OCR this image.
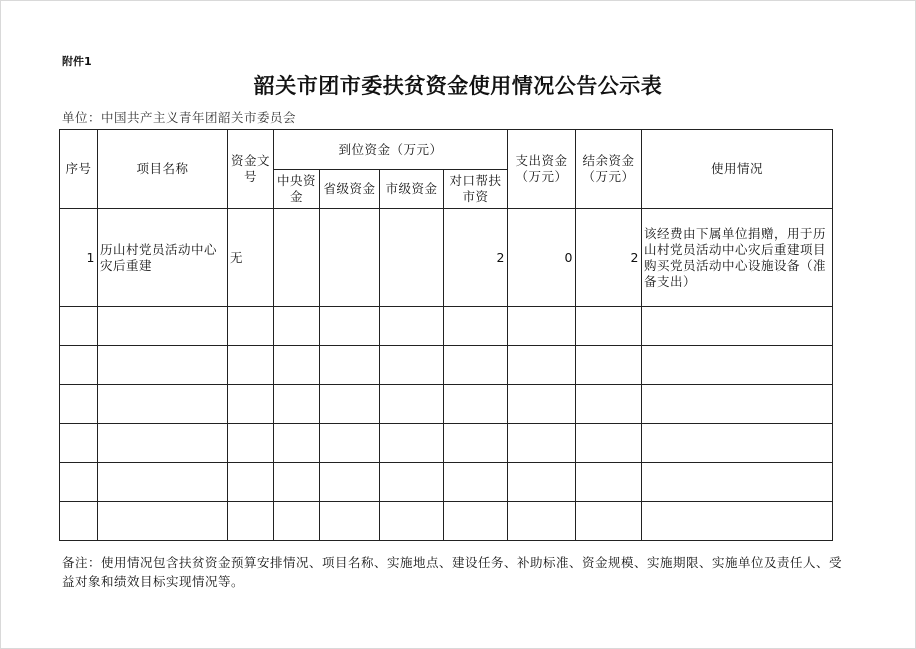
附件1
韶关市团市委扶贫资金使用情况公告公示表
单位：中国共产主义青年团韶关市委员会
序号	项目名称	资金文号	到位资金（万元）				支出资金（万元）	结余资金（万元）	使用情况
			中央资金	省级资金	市级资金	对口帮扶市资			
1	历山村党员活动中心灾后重建	无				2	0	2	该经费由下属单位捐赠，用于历山村党员活动中心灾后重建项目购买党员活动中心设施设备（准备支出）

备注：使用情况包含扶贫资金预算安排情况、项目名称、实施地点、建设任务、补助标准、资金规模、实施期限、实施单位及责任人、受益对象和绩效目标实现情况等。
